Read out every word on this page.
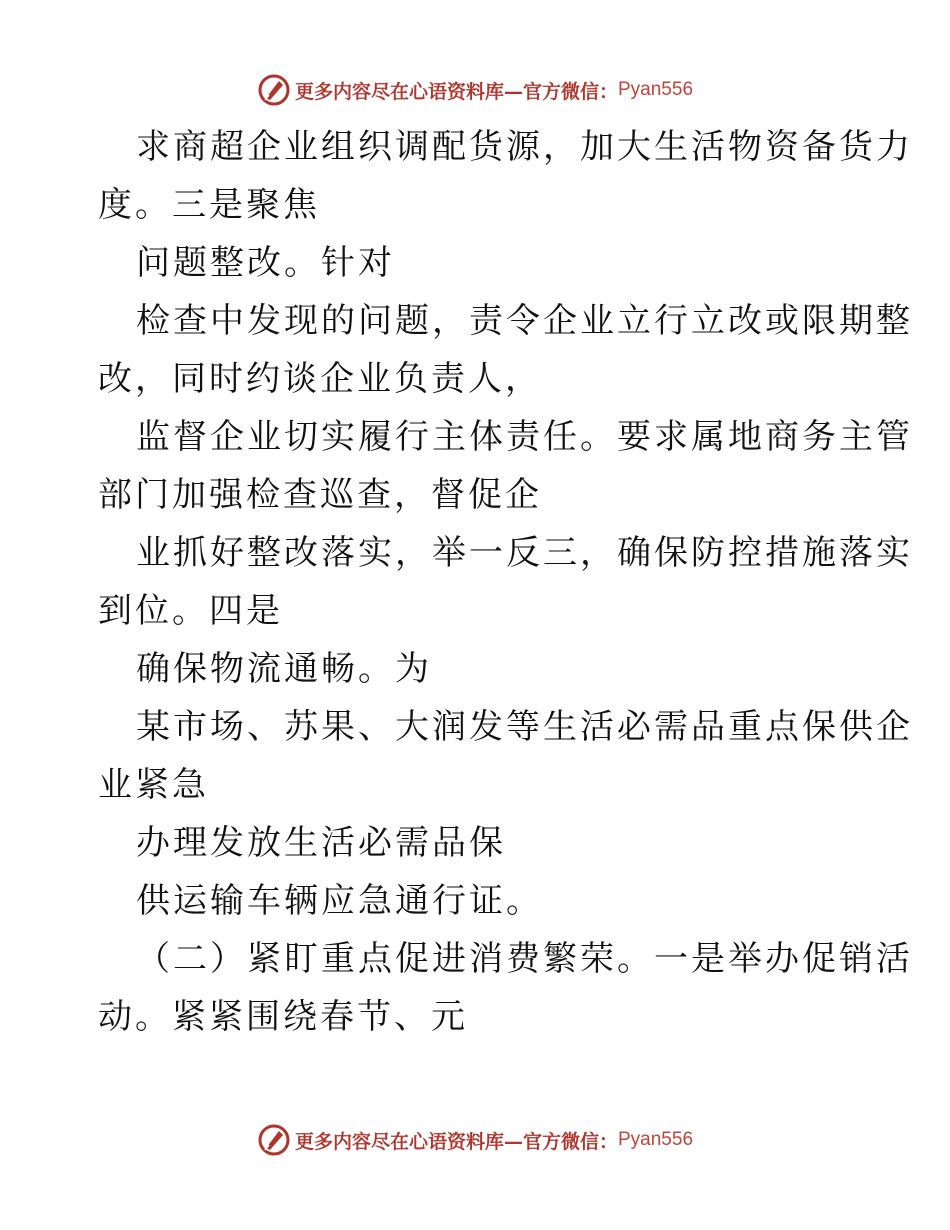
更多内容尽在心语资料库—官方微信： Pyan556
求商超企业组织调配货源，加大生活物资备货力
度。三是聚焦
问题整改。针对
检查中发现的问题，责令企业立行立改或限期整
改，同时约谈企业负责人，
监督企业切实履行主体责任。要求属地商务主管
部门加强检查巡查，督促企
业抓好整改落实，举一反三，确保防控措施落实
到位。四是
确保物流通畅。为
某市场、苏果、大润发等生活必需品重点保供企
业紧急
办理发放生活必需品保
供运输车辆应急通行证。
（二）紧盯重点促进消费繁荣。一是举办促销活
动。紧紧围绕春节、元
更多内容尽在心语资料库—官方微信： Pyan556
